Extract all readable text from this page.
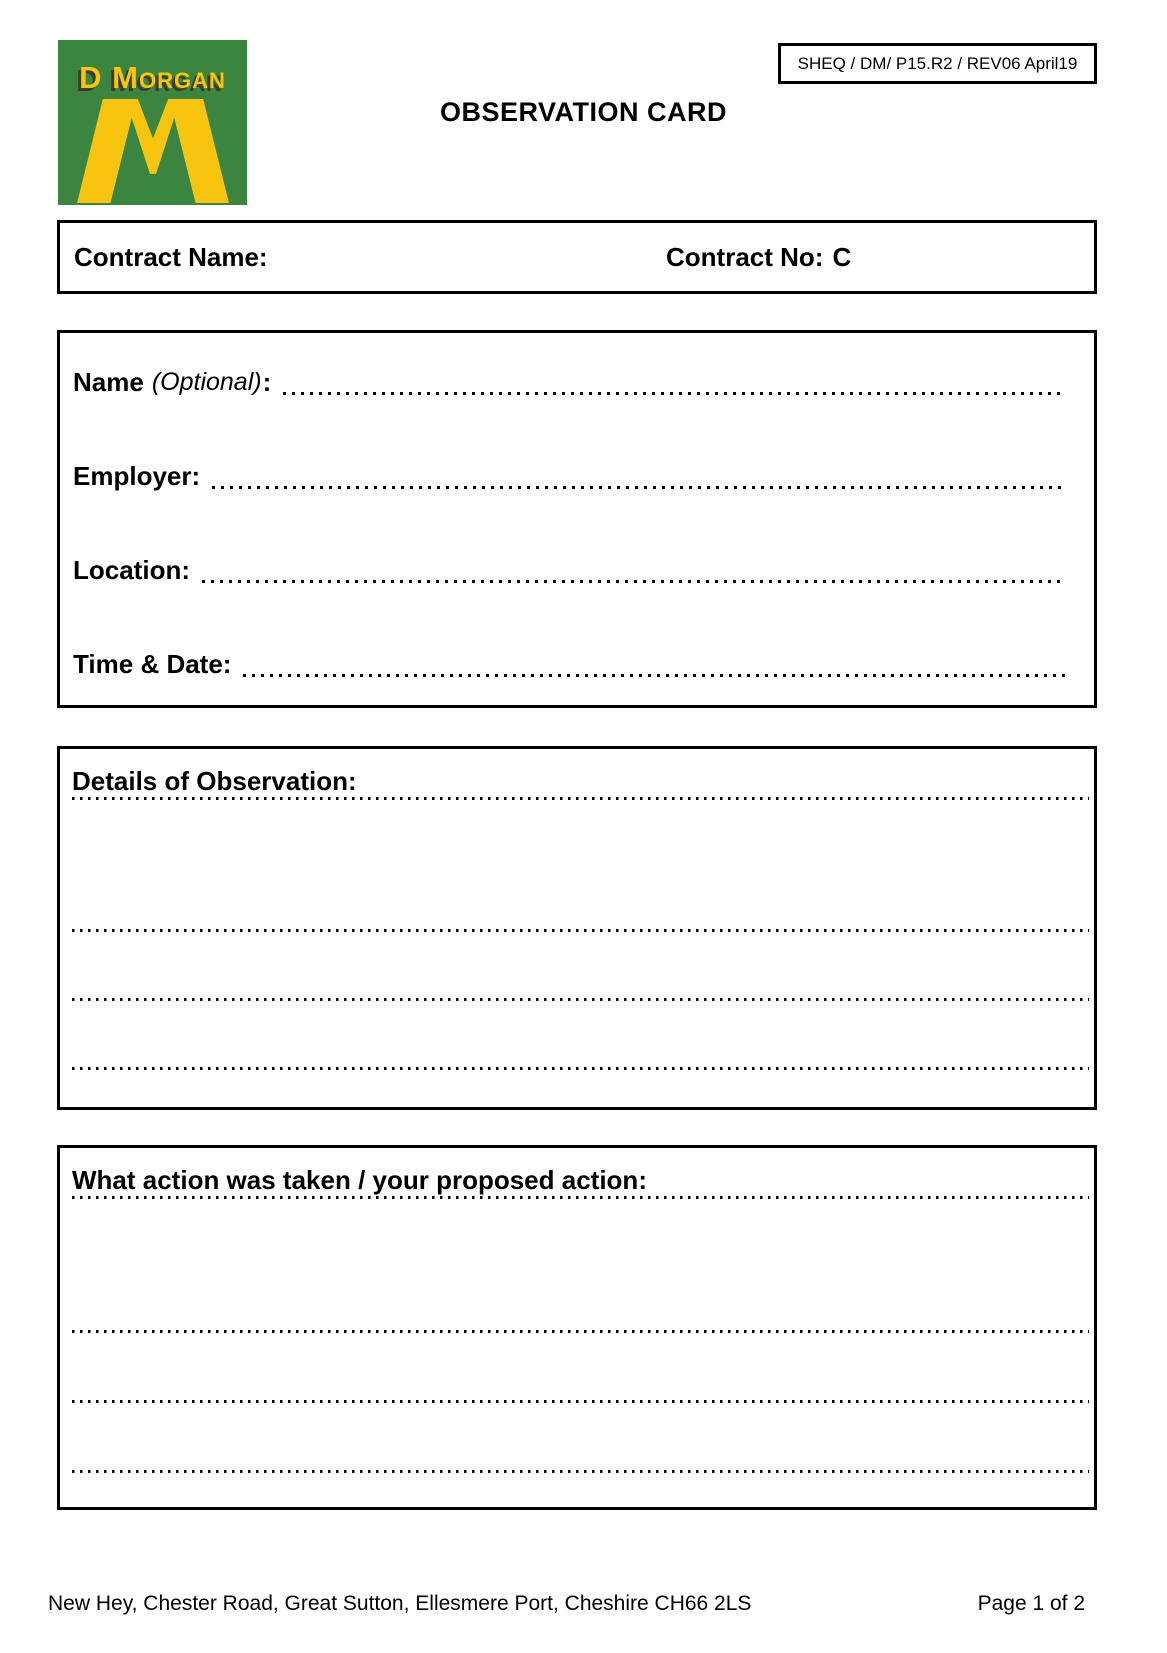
D Morgan
OBSERVATION CARD
SHEQ / DM/ P15.R2 / REV06 April19
Contract Name:	Contract No: C
Name (Optional) :
Employer :
Location :
Time & Date :
Details of Observation:
What action was taken / your proposed action:
New Hey, Chester Road, Great Sutton, Ellesmere Port, Cheshire CH66 2LS	Page 1 of 2
